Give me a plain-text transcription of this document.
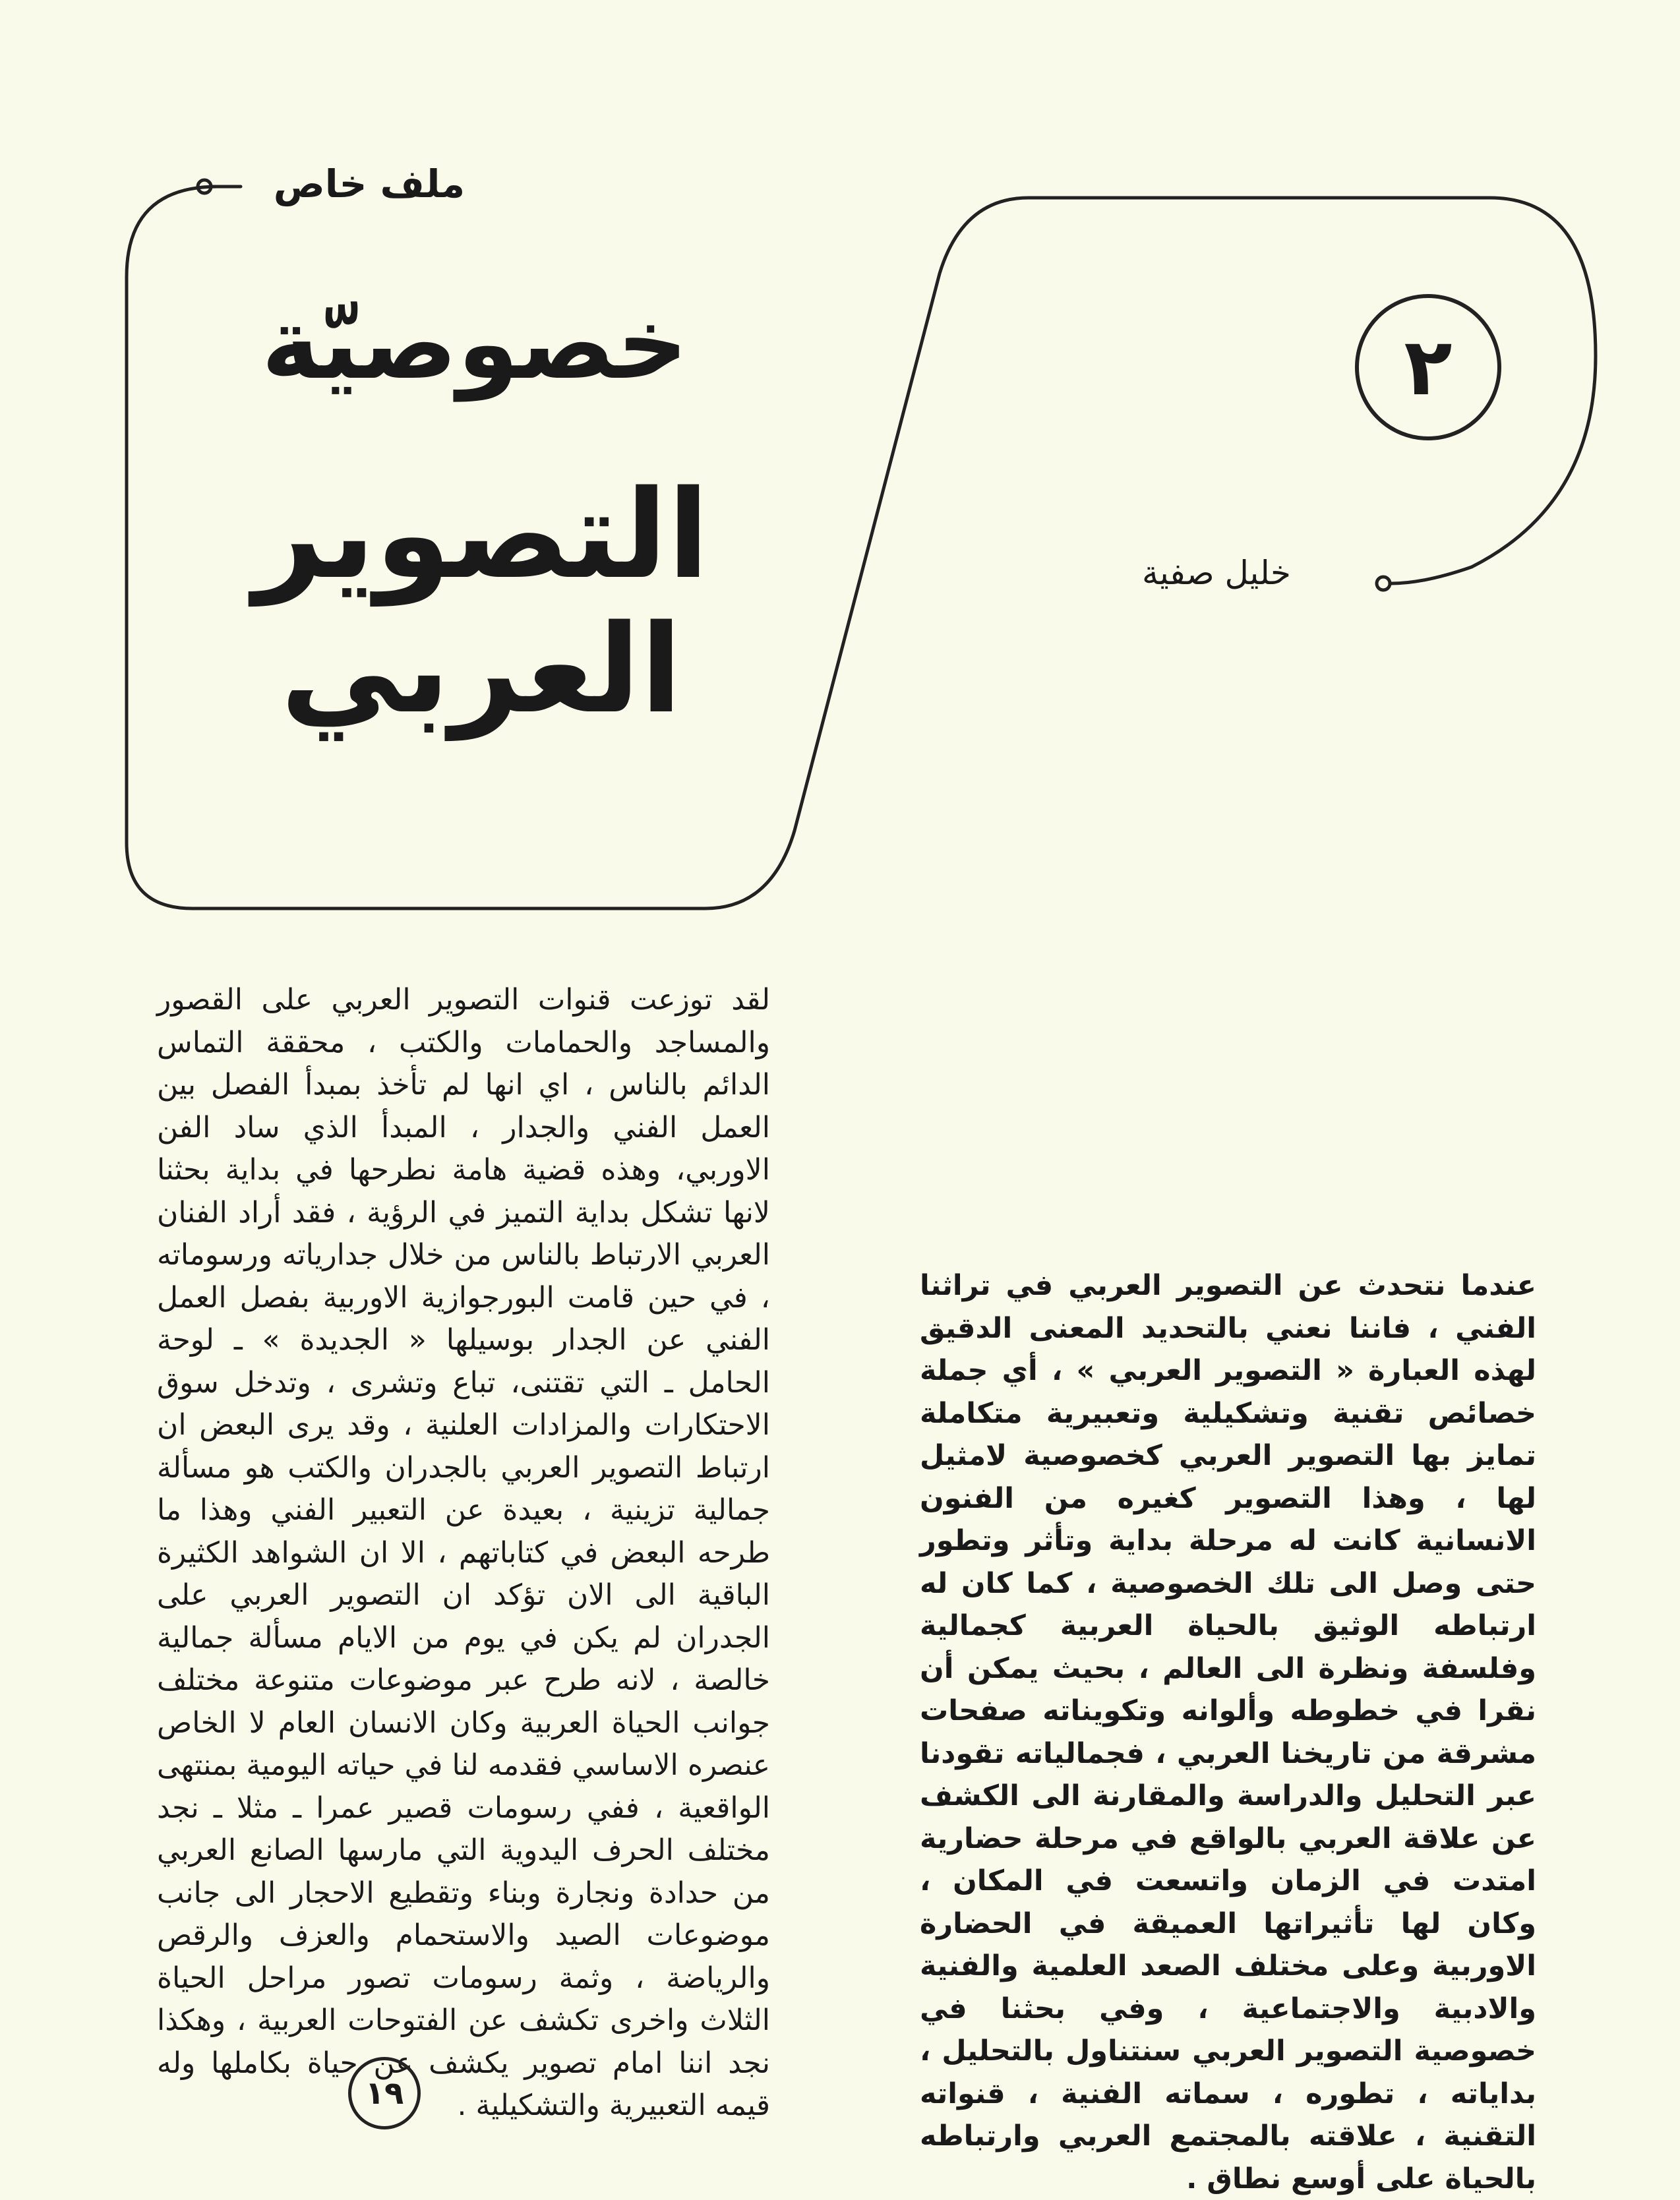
ملف خاص
٢
خصوصيّة
التصوير العربي
خليل صفية

لقد توزعت قنوات التصوير العربي على القصور والمساجد والحمامات والكتب ، محققة التماس الدائم بالناس ، اي انها لم تأخذ بمبدأ الفصل بين العمل الفني والجدار ، المبدأ الذي ساد الفن الاوربي، وهذه قضية هامة نطرحها في بداية بحثنا لانها تشكل بداية التميز في الرؤية ، فقد أراد الفنان العربي الارتباط بالناس من خلال جدارياته ورسوماته ، في حين قامت البورجوازية الاوربية بفصل العمل الفني عن الجدار بوسيلها « الجديدة » ـ لوحة الحامل ـ التي تقتنى، تباع وتشرى ، وتدخل سوق الاحتكارات والمزادات العلنية ، وقد يرى البعض ان ارتباط التصوير العربي بالجدران والكتب هو مسألة جمالية تزينية ، بعيدة عن التعبير الفني وهذا ما طرحه البعض في كتاباتهم ، الا ان الشواهد الكثيرة الباقية الى الان تؤكد ان التصوير العربي على الجدران لم يكن في يوم من الايام مسألة جمالية خالصة ، لانه طرح عبر موضوعات متنوعة مختلف جوانب الحياة العربية وكان الانسان العام لا الخاص عنصره الاساسي فقدمه لنا في حياته اليومية بمنتهى الواقعية ، ففي رسومات قصير عمرا ـ مثلا ـ نجد مختلف الحرف اليدوية التي مارسها الصانع العربي من حدادة ونجارة وبناء وتقطيع الاحجار الى جانب موضوعات الصيد والاستحمام والعزف والرقص والرياضة ، وثمة رسومات تصور مراحل الحياة الثلاث واخرى تكشف عن الفتوحات العربية ، وهكذا نجد اننا امام تصوير يكشف عن حياة بكاملها وله قيمه التعبيرية والتشكيلية .

عندما نتحدث عن التصوير العربي في تراثنا الفني ، فاننا نعني بالتحديد المعنى الدقيق لهذه العبارة « التصوير العربي » ، أي جملة خصائص تقنية وتشكيلية وتعبيرية متكاملة تمايز بها التصوير العربي كخصوصية لامثيل لها ، وهذا التصوير كغيره من الفنون الانسانية كانت له مرحلة بداية وتأثر وتطور حتى وصل الى تلك الخصوصية ، كما كان له ارتباطه الوثيق بالحياة العربية كجمالية وفلسفة ونظرة الى العالم ، بحيث يمكن أن نقرا في خطوطه وألوانه وتكويناته صفحات مشرقة من تاريخنا العربي ، فجمالياته تقودنا عبر التحليل والدراسة والمقارنة الى الكشف عن علاقة العربي بالواقع في مرحلة حضارية امتدت في الزمان واتسعت في المكان ، وكان لها تأثيراتها العميقة في الحضارة الاوربية وعلى مختلف الصعد العلمية والفنية والادبية والاجتماعية ، وفي بحثنا في خصوصية التصوير العربي سنتناول بالتحليل ، بداياته ، تطوره ، سماته الفنية ، قنواته التقنية ، علاقته بالمجتمع العربي وارتباطه بالحياة على أوسع نطاق .

١٩
